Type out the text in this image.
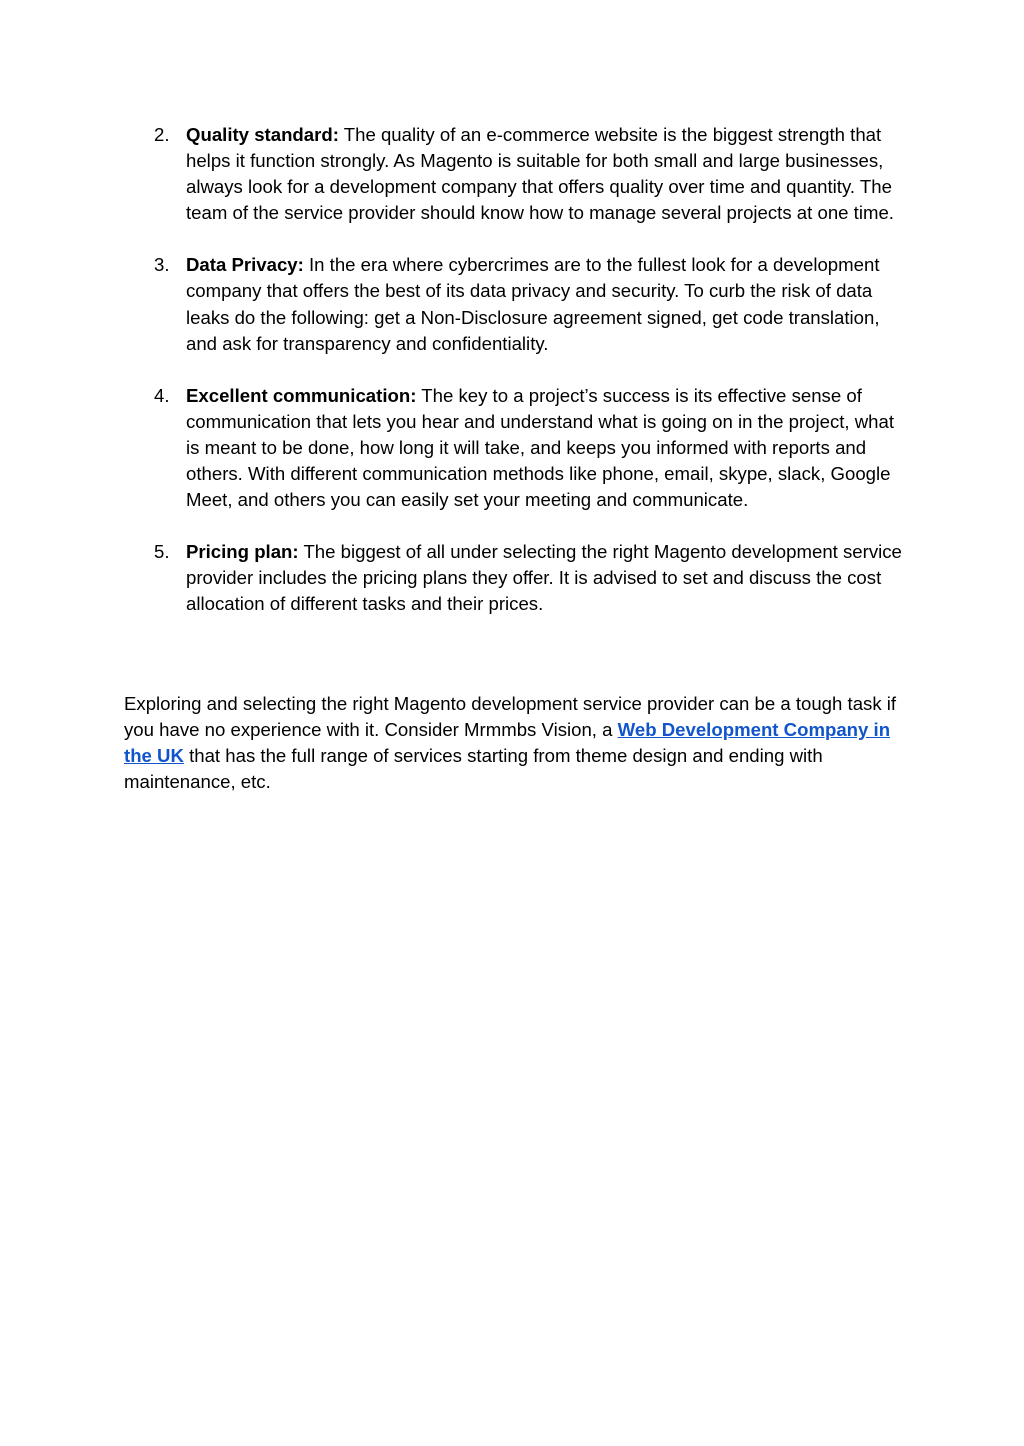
2. Quality standard: The quality of an e-commerce website is the biggest strength that helps it function strongly. As Magento is suitable for both small and large businesses, always look for a development company that offers quality over time and quantity. The team of the service provider should know how to manage several projects at one time.
3. Data Privacy: In the era where cybercrimes are to the fullest look for a development company that offers the best of its data privacy and security. To curb the risk of data leaks do the following: get a Non-Disclosure agreement signed, get code translation, and ask for transparency and confidentiality.
4. Excellent communication: The key to a project’s success is its effective sense of communication that lets you hear and understand what is going on in the project, what is meant to be done, how long it will take, and keeps you informed with reports and others. With different communication methods like phone, email, skype, slack, Google Meet, and others you can easily set your meeting and communicate.
5. Pricing plan: The biggest of all under selecting the right Magento development service provider includes the pricing plans they offer. It is advised to set and discuss the cost allocation of different tasks and their prices.

Exploring and selecting the right Magento development service provider can be a tough task if you have no experience with it. Consider Mrmmbs Vision, a Web Development Company in the UK that has the full range of services starting from theme design and ending with maintenance, etc.
